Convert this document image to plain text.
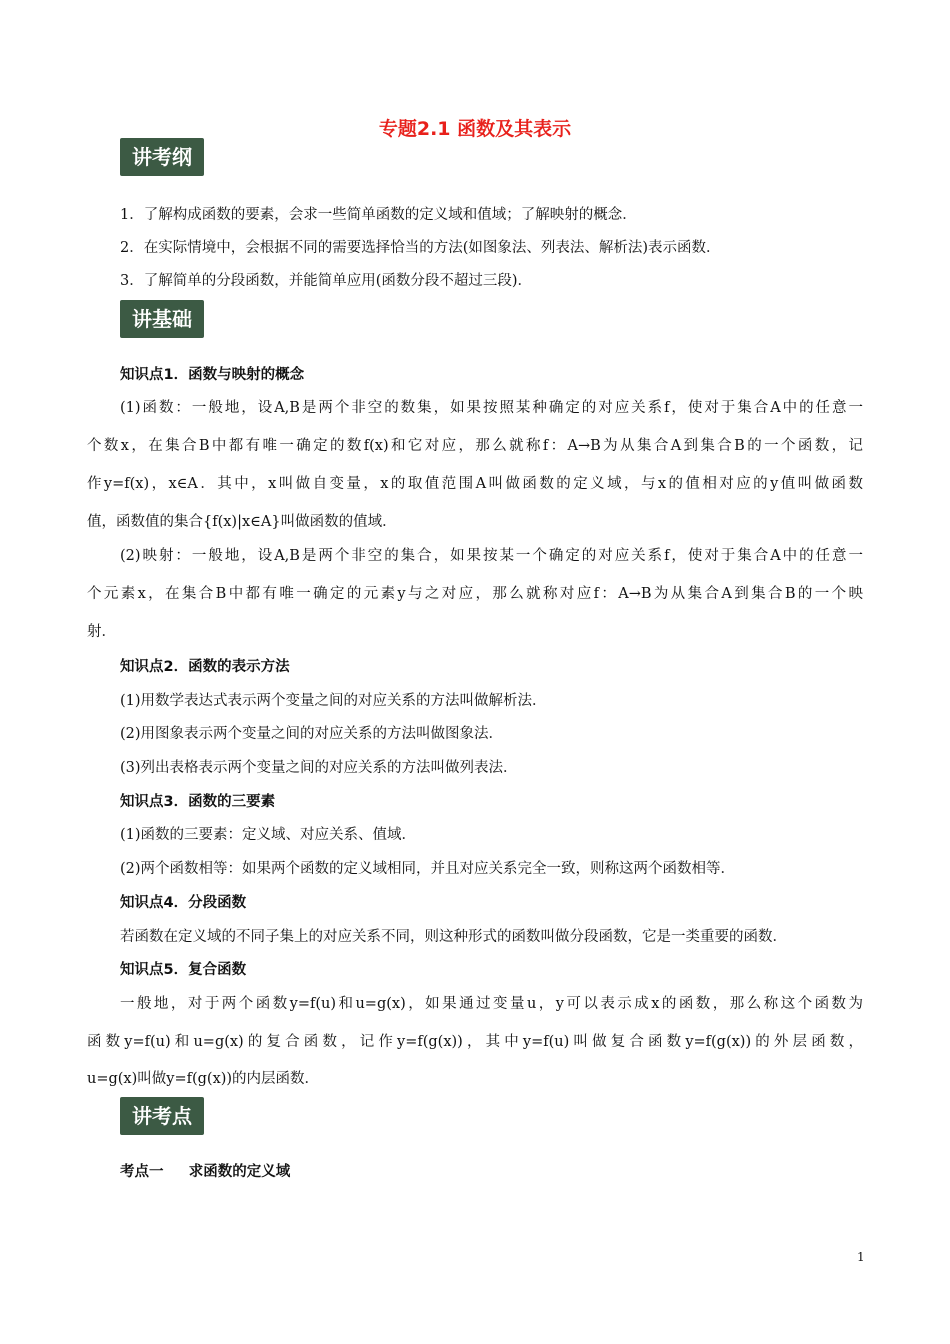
专题2.1 函数及其表示
讲考纲
1．了解构成函数的要素，会求一些简单函数的定义域和值域；了解映射的概念．
2．在实际情境中，会根据不同的需要选择恰当的方法(如图象法、列表法、解析法)表示函数．
3．了解简单的分段函数，并能简单应用(函数分段不超过三段)．
讲基础
知识点1．函数与映射的概念
(1)函数：一般地，设A,B是两个非空的数集，如果按照某种确定的对应关系f，使对于集合A中的任意一
个数x，在集合B中都有唯一确定的数f(x)和它对应，那么就称f：A→B为从集合A到集合B的一个函数，记
作y=f(x)，x∈A．其中，x叫做自变量，x的取值范围A叫做函数的定义域，与x的值相对应的y值叫做函数
值，函数值的集合{f(x)|x∈A}叫做函数的值域．
(2)映射：一般地，设A,B是两个非空的集合，如果按某一个确定的对应关系f，使对于集合A中的任意一
个元素x，在集合B中都有唯一确定的元素y与之对应，那么就称对应f：A→B为从集合A到集合B的一个映
射．
知识点2．函数的表示方法
(1)用数学表达式表示两个变量之间的对应关系的方法叫做解析法．
(2)用图象表示两个变量之间的对应关系的方法叫做图象法．
(3)列出表格表示两个变量之间的对应关系的方法叫做列表法．
知识点3．函数的三要素
(1)函数的三要素：定义域、对应关系、值域．
(2)两个函数相等：如果两个函数的定义域相同，并且对应关系完全一致，则称这两个函数相等．
知识点4．分段函数
若函数在定义域的不同子集上的对应关系不同，则这种形式的函数叫做分段函数，它是一类重要的函数．
知识点5．复合函数
一般地，对于两个函数y=f(u)和u=g(x)，如果通过变量u，y可以表示成x的函数，那么称这个函数为
函数y=f(u)和u=g(x)的复合函数，记作y=f(g(x))，其中y=f(u)叫做复合函数y=f(g(x))的外层函数，
u=g(x)叫做y=f(g(x))的内层函数．
讲考点
考点一     求函数的定义域
1
